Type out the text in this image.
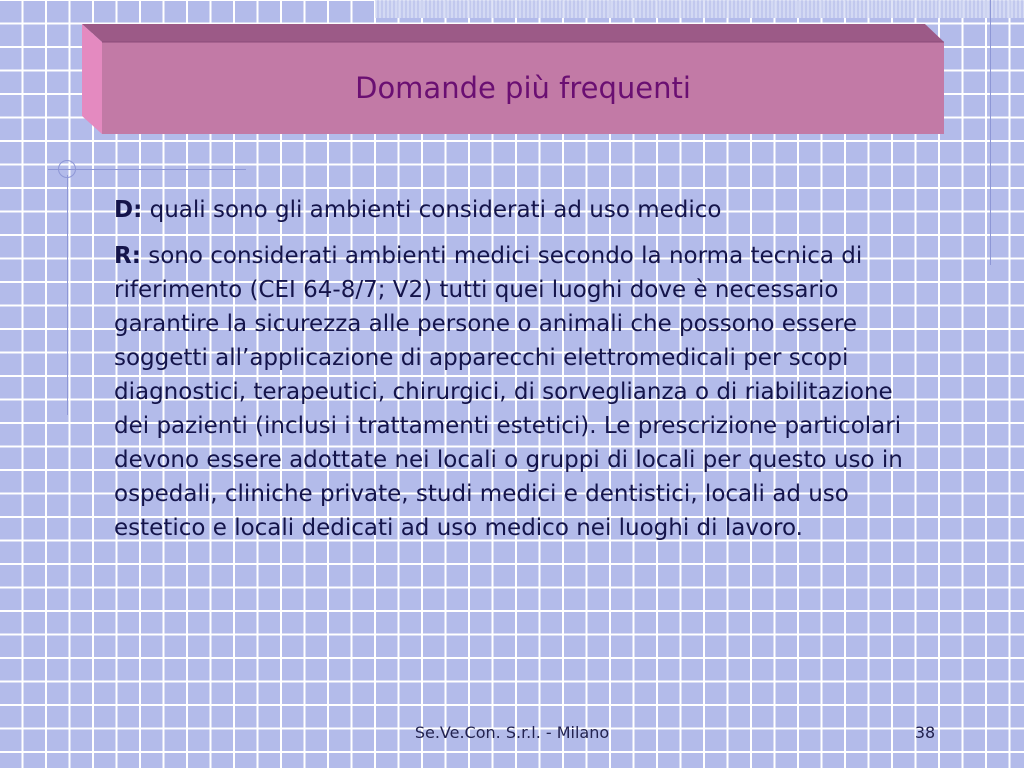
Domande più frequenti

D: quali sono gli ambienti considerati ad uso medico

R: sono considerati ambienti medici secondo la norma tecnica di riferimento (CEI 64-8/7; V2) tutti quei luoghi dove è necessario garantire la sicurezza alle persone o animali che possono essere soggetti all’applicazione di apparecchi elettromedicali per scopi diagnostici, terapeutici, chirurgici, di sorveglianza o di riabilitazione dei pazienti (inclusi i trattamenti estetici). Le prescrizione particolari devono essere adottate nei locali o gruppi di locali per questo uso in ospedali, cliniche private, studi medici e dentistici, locali ad uso estetico e locali dedicati ad uso medico nei luoghi di lavoro.

Se.Ve.Con. S.r.l. - Milano	38
